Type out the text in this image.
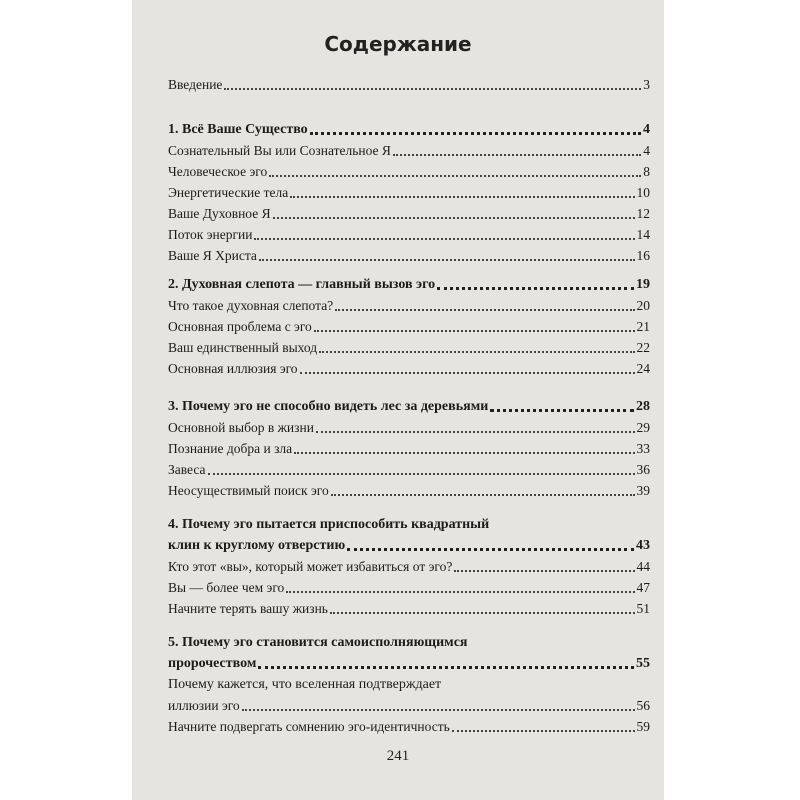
Содержание
Введение	3
1. Всё Ваше Существо	4
Сознательный Вы или Сознательное Я	4
Человеческое эго	8
Энергетические тела	10
Ваше Духовное Я	12
Поток энергии	14
Ваше Я Христа	16
2. Духовная слепота — главный вызов эго	19
Что такое духовная слепота?	20
Основная проблема с эго	21
Ваш единственный выход	22
Основная иллюзия эго	24
3. Почему эго не способно видеть лес за деревьями	28
Основной выбор в жизни	29
Познание добра и зла	33
Завеса	36
Неосуществимый поиск эго	39
4. Почему эго пытается приспособить квадратный
клин к круглому отверстию	43
Кто этот «вы», который может избавиться от эго?	44
Вы — более чем эго	47
Начните терять вашу жизнь	51
5. Почему эго становится самоисполняющимся
пророчеством	55
Почему кажется, что вселенная подтверждает
иллюзии эго	56
Начните подвергать сомнению эго-идентичность	59
241
